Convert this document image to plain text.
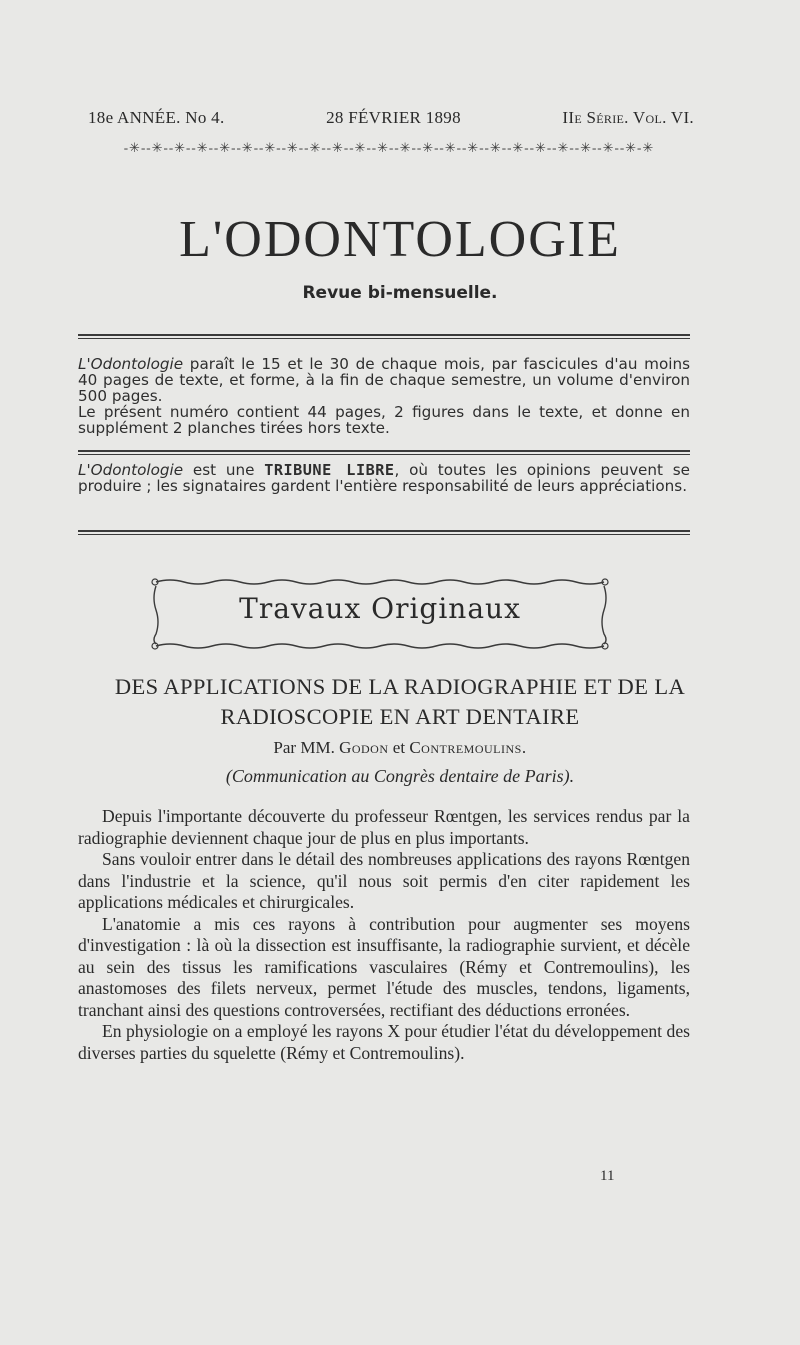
18e ANNÉE. No 4.	28 FÉVRIER 1898	IIe Série. Vol. VI.
-✳--✳--✳--✳--✳--✳--✳--✳--✳--✳--✳--✳--✳--✳--✳--✳--✳--✳--✳--✳--✳--✳--✳-✳
L'ODONTOLOGIE
Revue bi-mensuelle.

L'Odontologie paraît le 15 et le 30 de chaque mois, par fascicules d'au moins 40 pages de texte, et forme, à la fin de chaque semestre, un volume d'environ 500 pages.

Le présent numéro contient 44 pages, 2 figures dans le texte, et donne en supplément 2 planches tirées hors texte.

L'Odontologie est une TRIBUNE LIBRE, où toutes les opinions peuvent se produire ; les signataires gardent l'entière responsabilité de leurs appréciations.

Travaux Originaux
DES APPLICATIONS DE LA RADIOGRAPHIE ET DE LA
RADIOSCOPIE EN ART DENTAIRE
Par MM. Godon et Contremoulins.
(Communication au Congrès dentaire de Paris).

Depuis l'importante découverte du professeur Rœntgen, les services rendus par la radiographie deviennent chaque jour de plus en plus importants.

Sans vouloir entrer dans le détail des nombreuses applications des rayons Rœntgen dans l'industrie et la science, qu'il nous soit permis d'en citer rapidement les applications médicales et chirurgicales.

L'anatomie a mis ces rayons à contribution pour augmenter ses moyens d'investigation : là où la dissection est insuffisante, la radiographie survient, et décèle au sein des tissus les ramifications vasculaires (Rémy et Contremoulins), les anastomoses des filets nerveux, permet l'étude des muscles, tendons, ligaments, tranchant ainsi des questions controversées, rectifiant des déductions erronées.

En physiologie on a employé les rayons X pour étudier l'état du développement des diverses parties du squelette (Rémy et Contremoulins).

11
